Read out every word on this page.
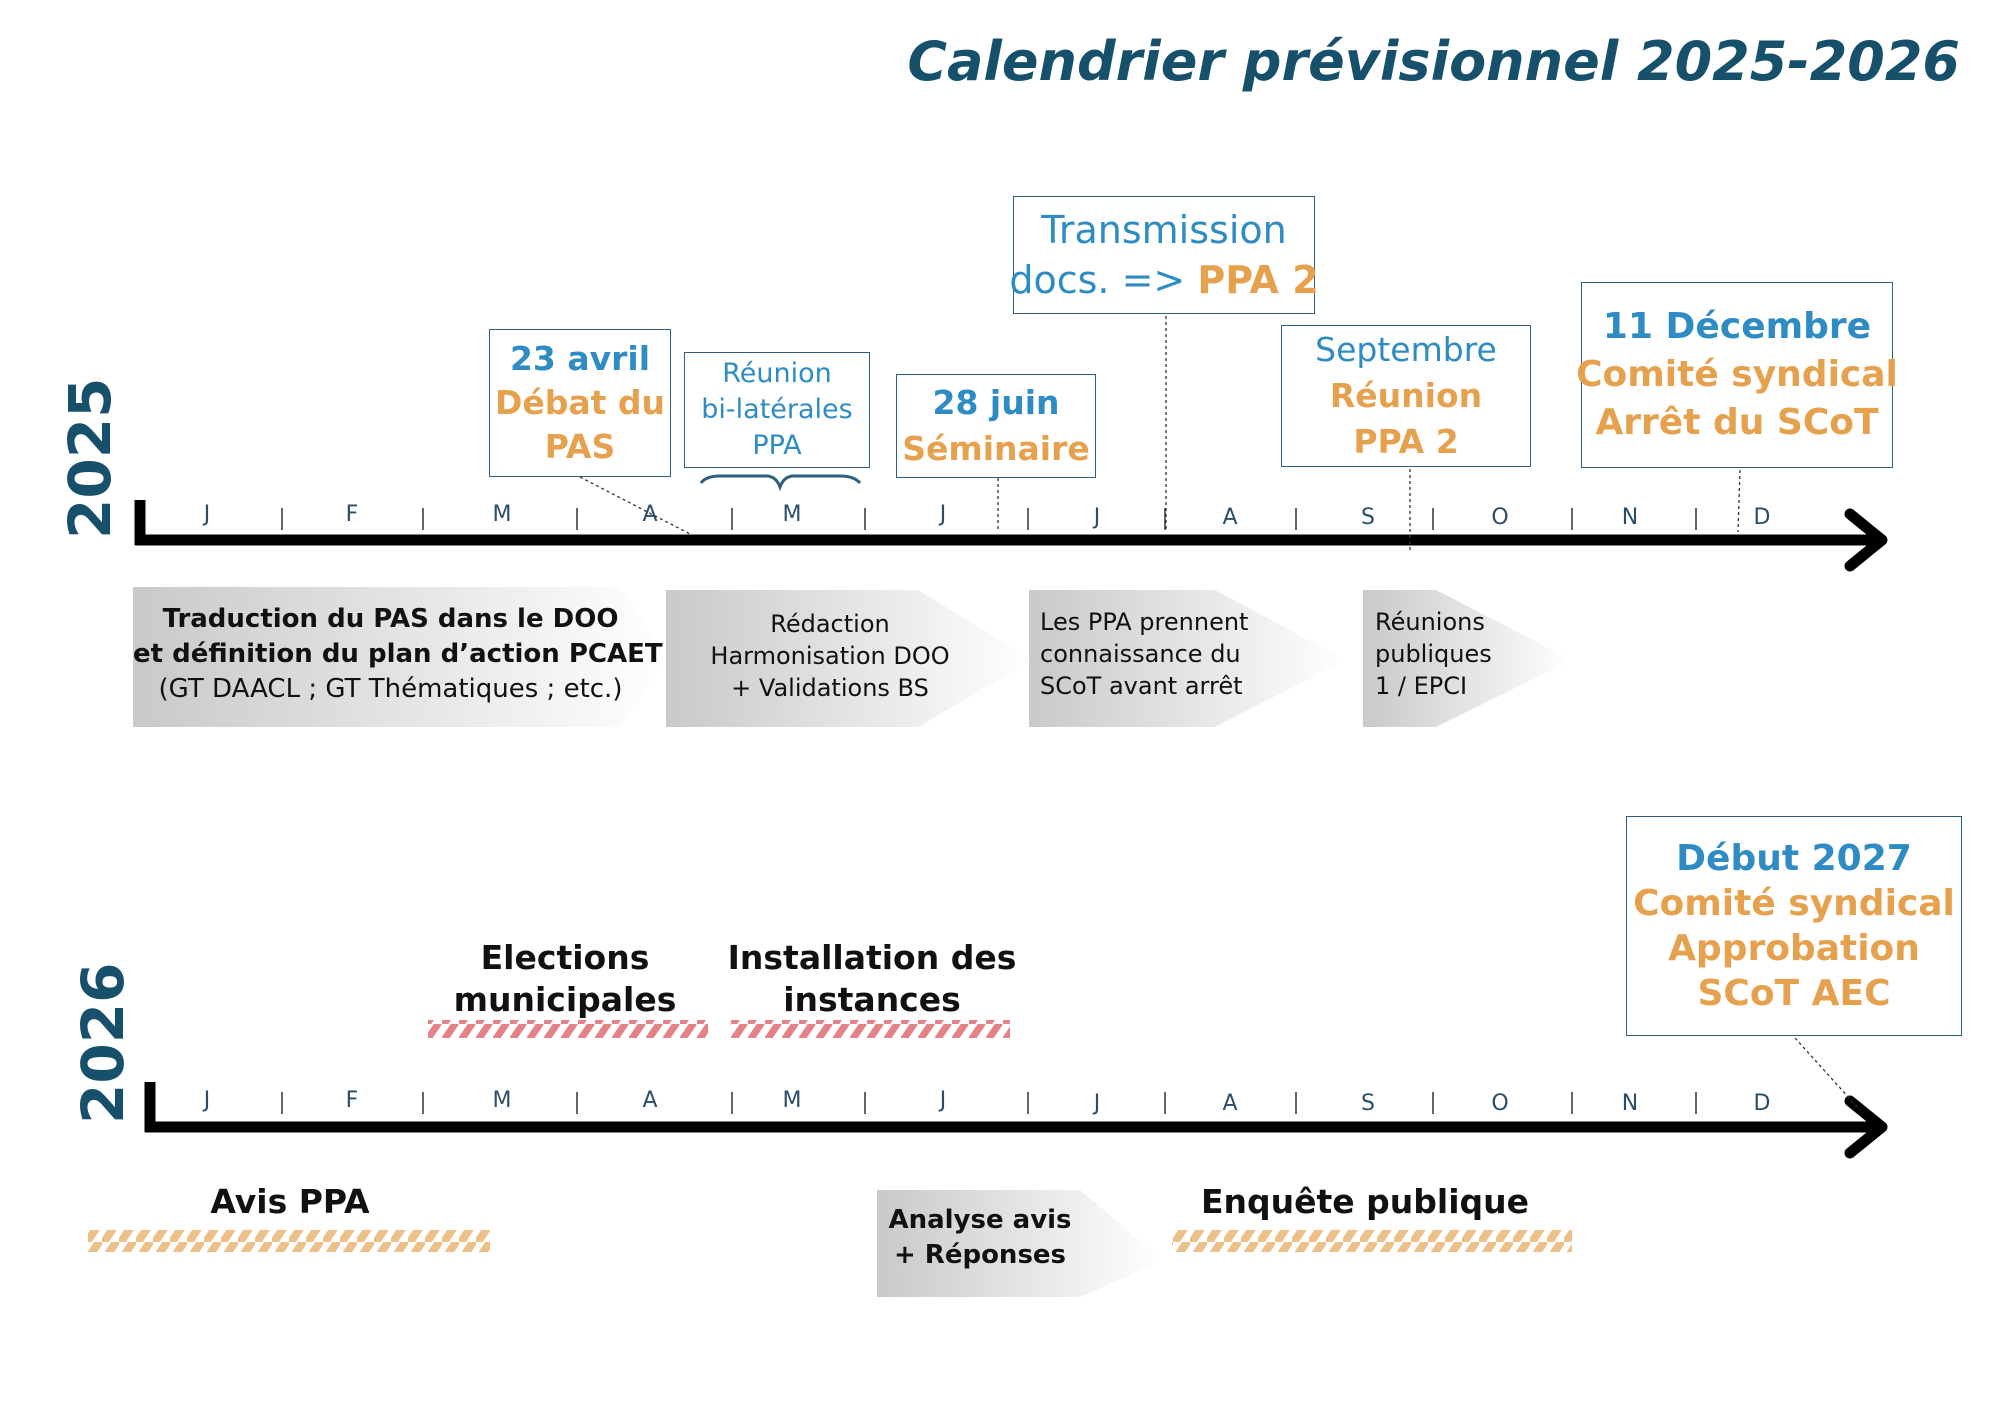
Calendrier prévisionnel 2025-2026
2025
2026
J	F	M	A	M	J	J	A	S	O	N	D
J	F	M	A	M	J	J	A	S	O	N	D
23 avril
Débat du
PAS
Réunion
bi-latérales
PPA
28 juin
Séminaire
Transmission
docs. => PPA 2
Septembre
Réunion
PPA 2
11 Décembre
Comité syndical
Arrêt du SCoT
Traduction du PAS dans le DOO
et définition du plan d’action PCAET
(GT DAACL ; GT Thématiques ; etc.)
Rédaction
Harmonisation DOO
+ Validations BS
Les PPA prennent
connaissance du
SCoT avant arrêt
Réunions
publiques
1 / EPCI
Elections
municipales
Installation des
instances
Début 2027
Comité syndical
Approbation
SCoT AEC
Avis PPA	Analyse avis
+ Réponses
Enquête publique
